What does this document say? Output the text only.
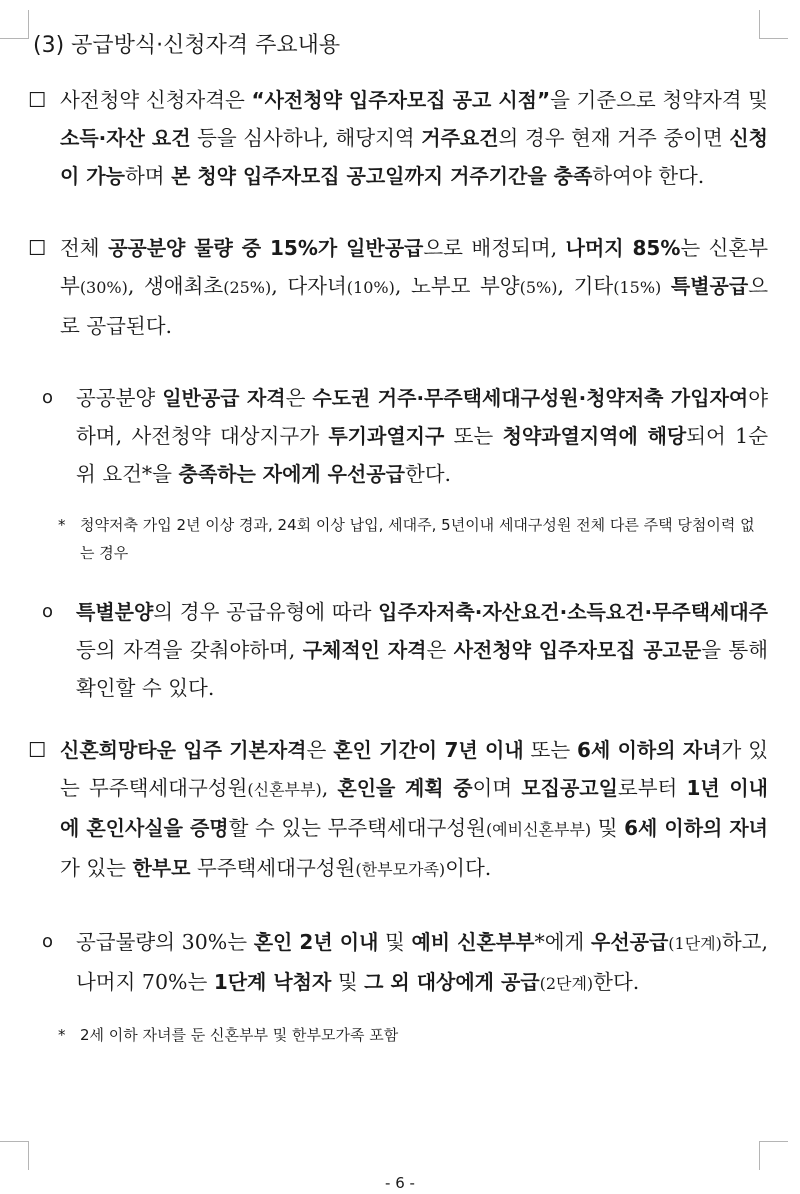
(3) 공급방식·신청자격 주요내용

☐ 사전청약 신청자격은 “사전청약 입주자모집 공고 시점”을 기준으로 청약자격 및 소득·자산 요건 등을 심사하나, 해당지역 거주요건의 경우 현재 거주 중이면 신청이 가능하며 본 청약 입주자모집 공고일까지 거주기간을 충족하여야 한다.

☐ 전체 공공분양 물량 중 15%가 일반공급으로 배정되며, 나머지 85%는 신혼부부(30%), 생애최초(25%), 다자녀(10%), 노부모 부양(5%), 기타(15%) 특별공급으로 공급된다.

o 공공분양 일반공급 자격은 수도권 거주·무주택세대구성원·청약저축 가입자여야 하며, 사전청약 대상지구가 투기과열지구 또는 청약과열지역에 해당되어 1순위 요건*을 충족하는 자에게 우선공급한다.

* 청약저축 가입 2년 이상 경과, 24회 이상 납입, 세대주, 5년이내 세대구성원 전체 다른 주택 당첨이력 없는 경우

o 특별분양의 경우 공급유형에 따라 입주자저축·자산요건·소득요건·무주택세대주 등의 자격을 갖춰야하며, 구체적인 자격은 사전청약 입주자모집 공고문을 통해 확인할 수 있다.

☐ 신혼희망타운 입주 기본자격은 혼인 기간이 7년 이내 또는 6세 이하의 자녀가 있는 무주택세대구성원(신혼부부), 혼인을 계획 중이며 모집공고일로부터 1년 이내에 혼인사실을 증명할 수 있는 무주택세대구성원(예비신혼부부) 및 6세 이하의 자녀가 있는 한부모 무주택세대구성원(한부모가족)이다.

o 공급물량의 30%는 혼인 2년 이내 및 예비 신혼부부*에게 우선공급(1단계)하고, 나머지 70%는 1단계 낙첨자 및 그 외 대상에게 공급(2단계)한다.

* 2세 이하 자녀를 둔 신혼부부 및 한부모가족 포함

- 6 -
